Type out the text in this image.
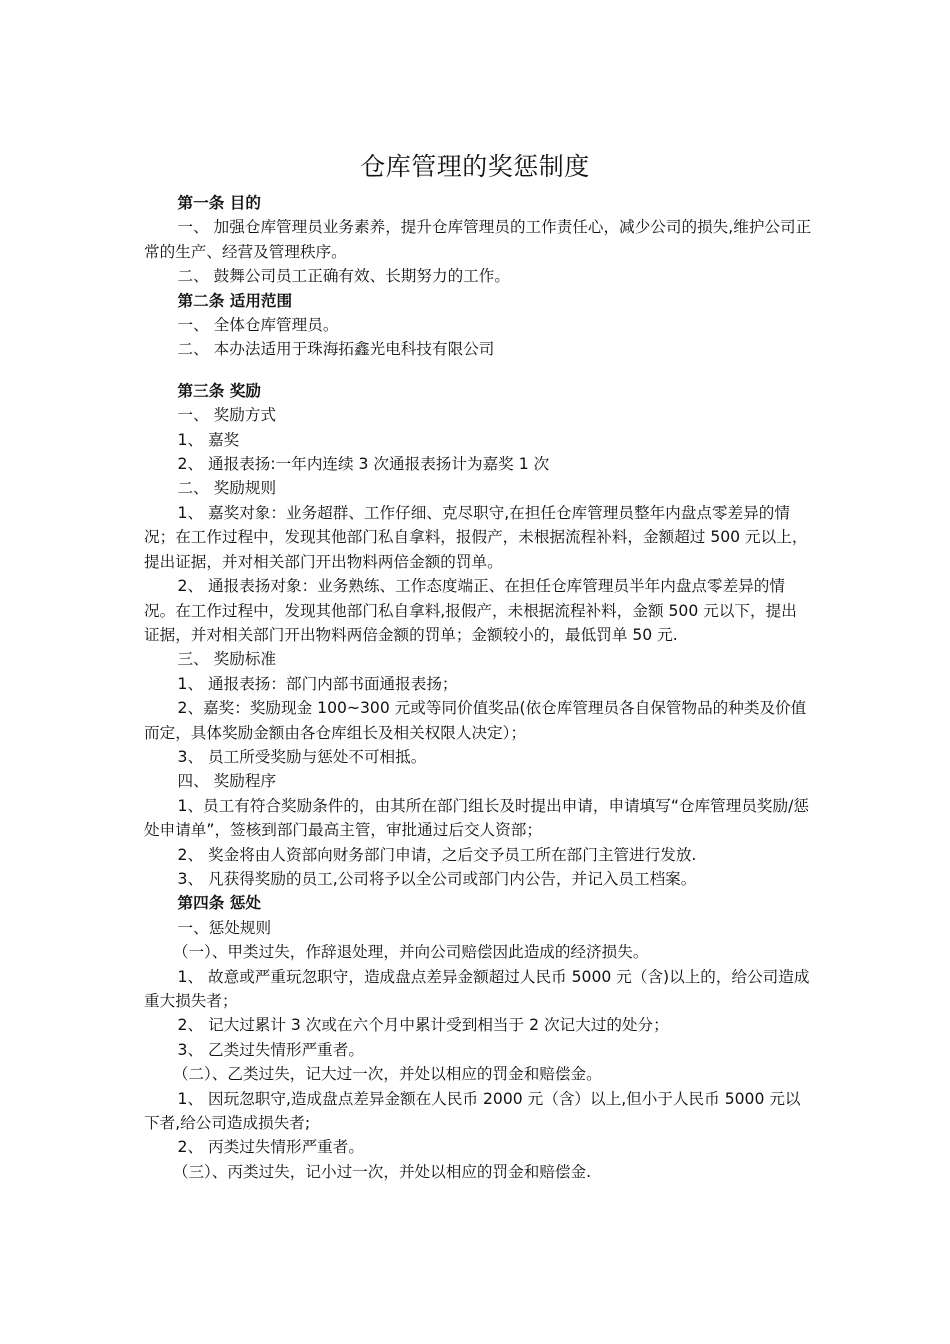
仓库管理的奖惩制度

第一条 目的

一、 加强仓库管理员业务素养，提升仓库管理员的工作责任心，减少公司的损失,维护公司正常的生产、经营及管理秩序。

二、 鼓舞公司员工正确有效、长期努力的工作。

第二条 适用范围

一、 全体仓库管理员。

二、 本办法适用于珠海拓鑫光电科技有限公司

第三条 奖励

一、 奖励方式

1、 嘉奖

2、 通报表扬:一年内连续 3 次通报表扬计为嘉奖 1 次

二、 奖励规则

1、 嘉奖对象：业务超群、工作仔细、克尽职守,在担任仓库管理员整年内盘点零差异的情况；在工作过程中，发现其他部门私自拿料，报假产，未根据流程补料，金额超过 500 元以上，提出证据，并对相关部门开出物料两倍金额的罚单。

2、 通报表扬对象：业务熟练、工作态度端正、在担任仓库管理员半年内盘点零差异的情况。在工作过程中，发现其他部门私自拿料,报假产，未根据流程补料，金额 500 元以下，提出证据，并对相关部门开出物料两倍金额的罚单；金额较小的，最低罚单 50 元.

三、 奖励标准

1、 通报表扬：部门内部书面通报表扬；

2、嘉奖：奖励现金 100~300 元或等同价值奖品(依仓库管理员各自保管物品的种类及价值而定，具体奖励金额由各仓库组长及相关权限人决定）；

3、 员工所受奖励与惩处不可相抵。

四、 奖励程序

1、员工有符合奖励条件的，由其所在部门组长及时提出申请，申请填写“仓库管理员奖励/惩处申请单”，签核到部门最高主管，审批通过后交人资部；

2、 奖金将由人资部向财务部门申请，之后交予员工所在部门主管进行发放.

3、 凡获得奖励的员工,公司将予以全公司或部门内公告，并记入员工档案。

第四条 惩处

一、惩处规则

（一）、甲类过失，作辞退处理，并向公司赔偿因此造成的经济损失。

1、 故意或严重玩忽职守，造成盘点差异金额超过人民币 5000 元（含)以上的，给公司造成重大损失者；

2、 记大过累计 3 次或在六个月中累计受到相当于 2 次记大过的处分；

3、 乙类过失情形严重者。

（二）、乙类过失，记大过一次，并处以相应的罚金和赔偿金。

1、 因玩忽职守,造成盘点差异金额在人民币 2000 元（含）以上,但小于人民币 5000 元以下者,给公司造成损失者;

2、 丙类过失情形严重者。

（三）、丙类过失，记小过一次，并处以相应的罚金和赔偿金.
